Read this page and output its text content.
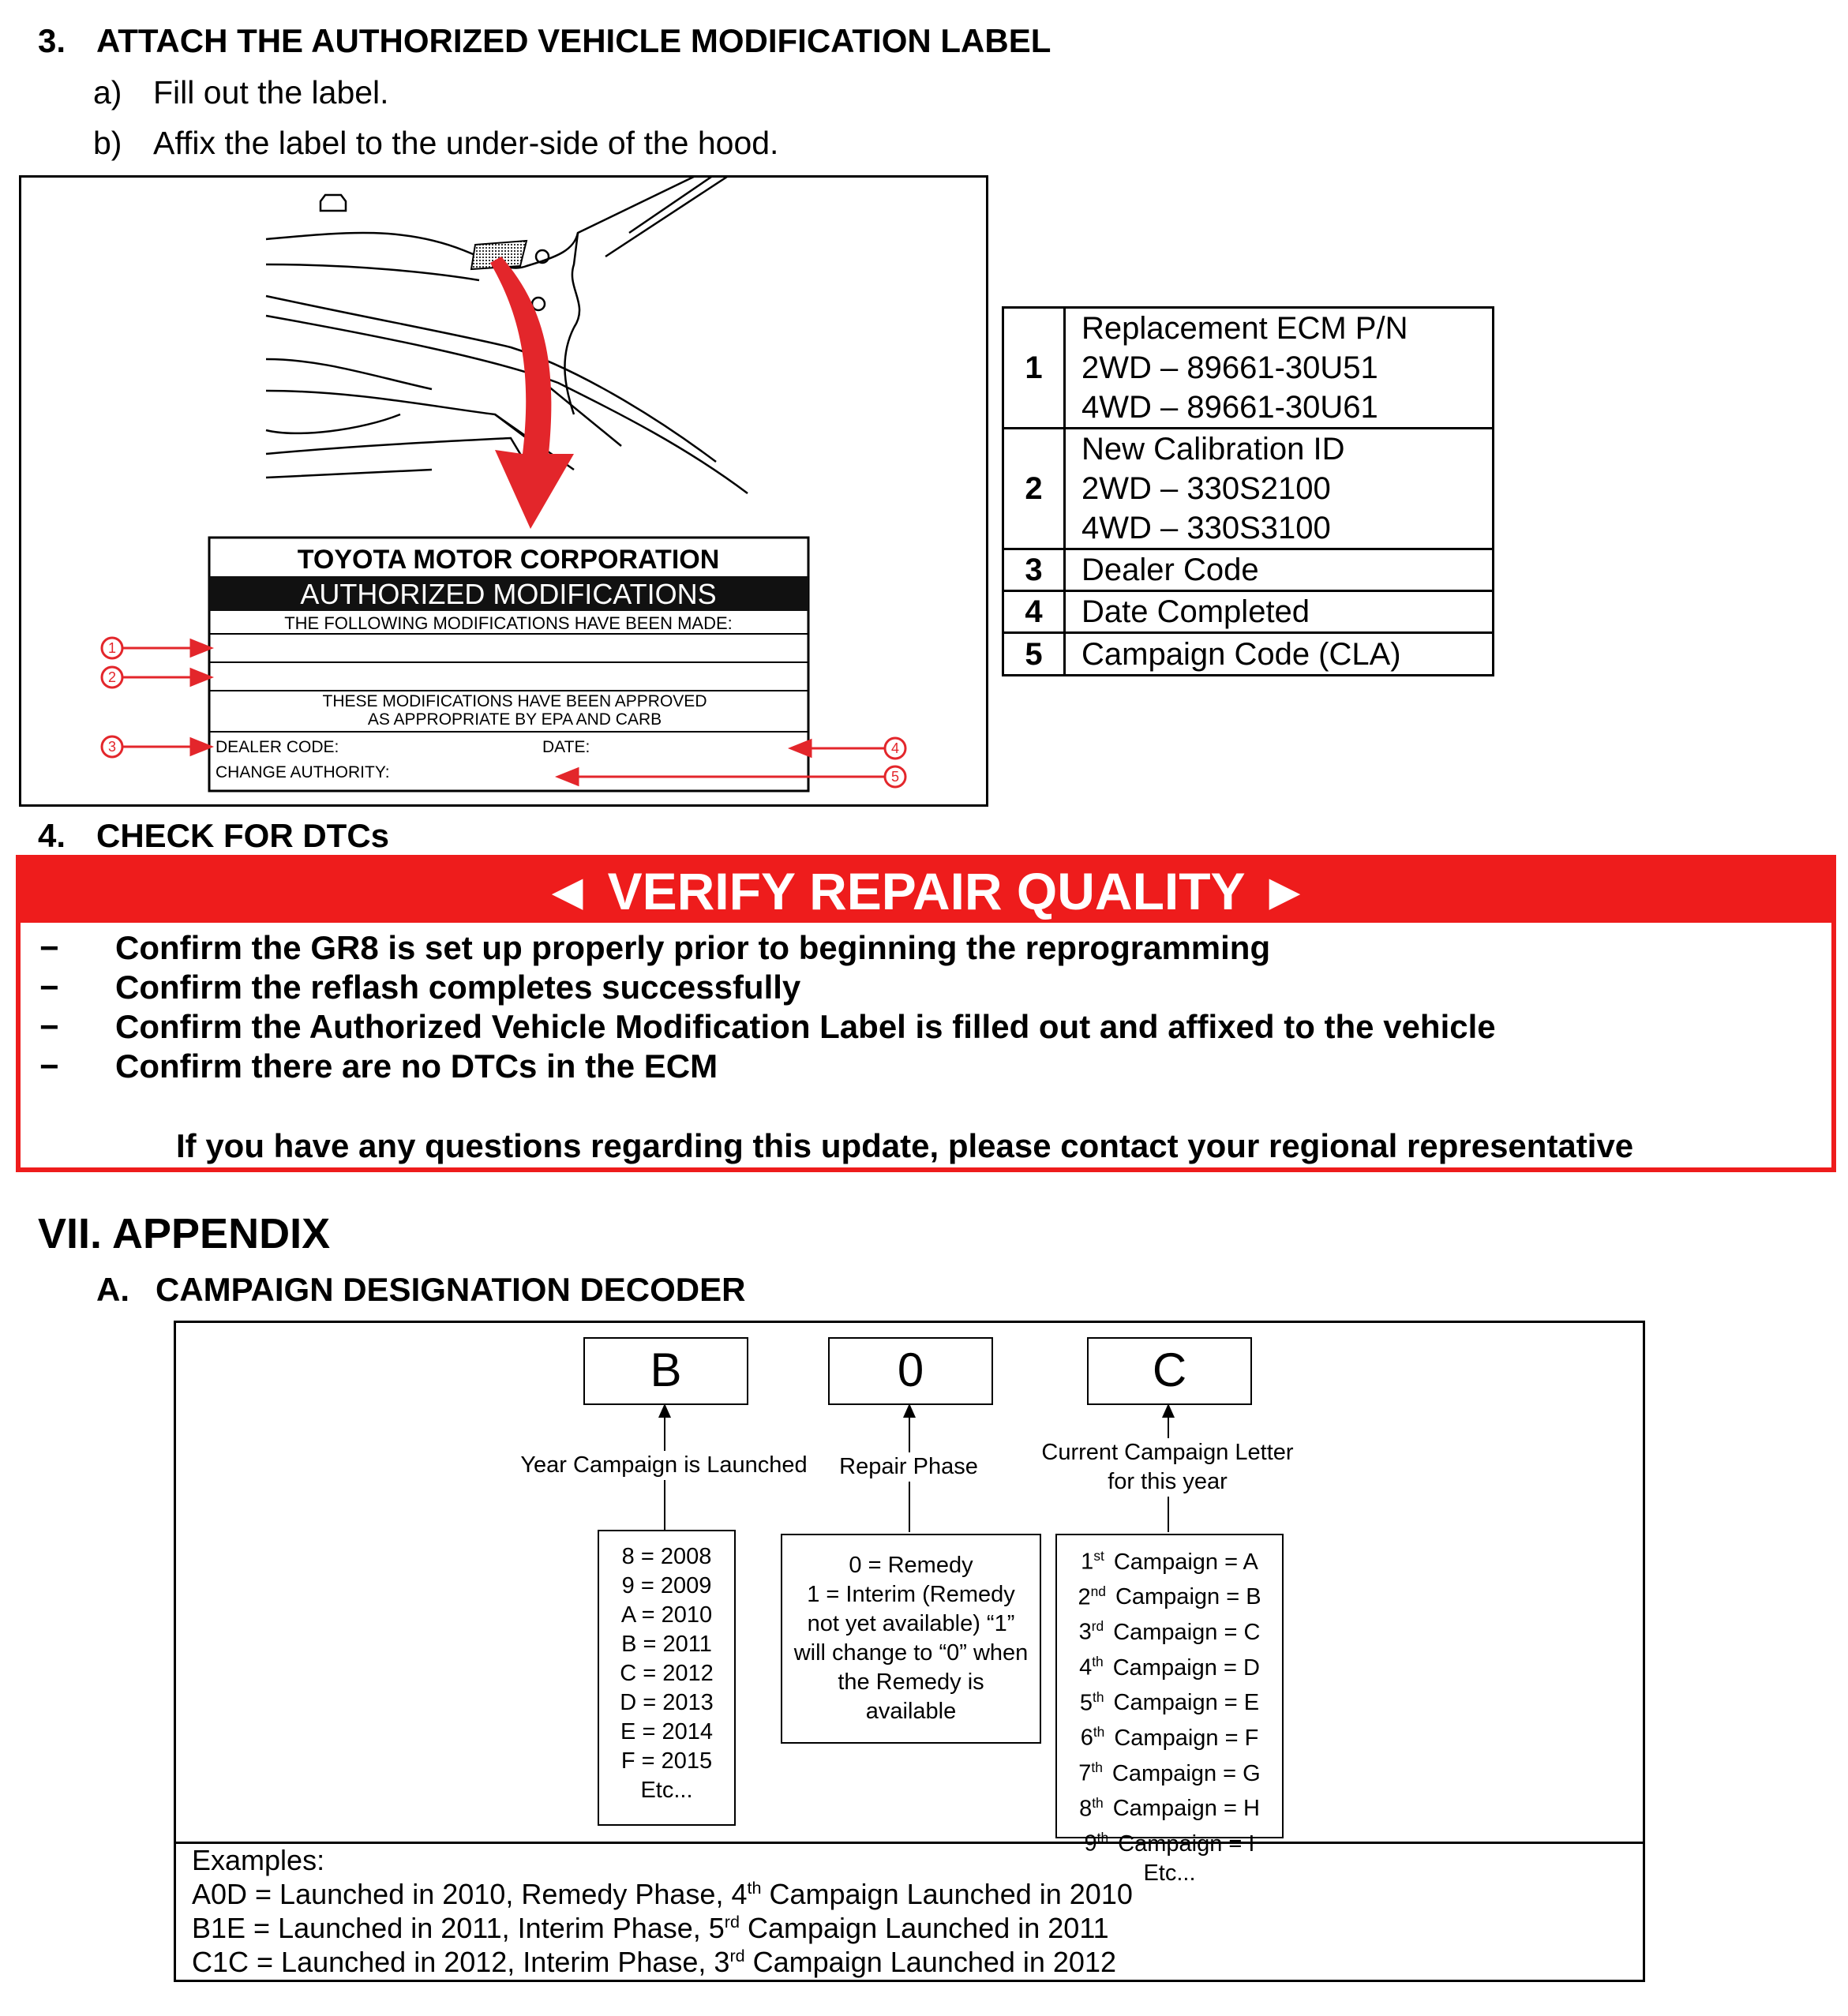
3. ATTACH THE AUTHORIZED VEHICLE MODIFICATION LABEL
a) Fill out the label.
b) Affix the label to the under-side of the hood.
TOYOTA MOTOR CORPORATION
AUTHORIZED MODIFICATIONS
THE FOLLOWING MODIFICATIONS HAVE BEEN MADE:
THESE MODIFICATIONS HAVE BEEN APPROVED
AS APPROPRIATE BY EPA AND CARB
DEALER CODE:	DATE:
CHANGE AUTHORITY:
1
2
3	4
5
1	Replacement ECM P/N
2WD – 89661-30U51
4WD – 89661-30U61

2	New Calibration ID
2WD – 330S2100
4WD – 330S3100

3	Dealer Code
4	Date Completed
5	Campaign Code (CLA)
4. CHECK FOR DTCs
◄ VERIFY REPAIR QUALITY ►
− Confirm the GR8 is set up properly prior to beginning the reprogramming
− Confirm the reflash completes successfully
− Confirm the Authorized Vehicle Modification Label is filled out and affixed to the vehicle
− Confirm there are no DTCs in the ECM
If you have any questions regarding this update, please contact your regional representative
VII. APPENDIX
A. CAMPAIGN DESIGNATION DECODER
B	0	C
Year Campaign is Launched Repair Phase
Current Campaign Letter
for this year
8 = 2008
9 = 2009
A = 2010
B = 2011
C = 2012
D = 2013
E = 2014
F = 2015
Etc...
0 = Remedy
1 = Interim (Remedy
not yet available) “1”
will change to “0” when
the Remedy is
available
1st Campaign = A
2nd Campaign = B
3rd Campaign = C
4th Campaign = D
5th Campaign = E
6th Campaign = F
7th Campaign = G
8th Campaign = H
9th Campaign = I
Etc...
Examples:
A0D = Launched in 2010, Remedy Phase, 4th Campaign Launched in 2010
B1E = Launched in 2011, Interim Phase, 5rd Campaign Launched in 2011
C1C = Launched in 2012, Interim Phase, 3rd Campaign Launched in 2012
